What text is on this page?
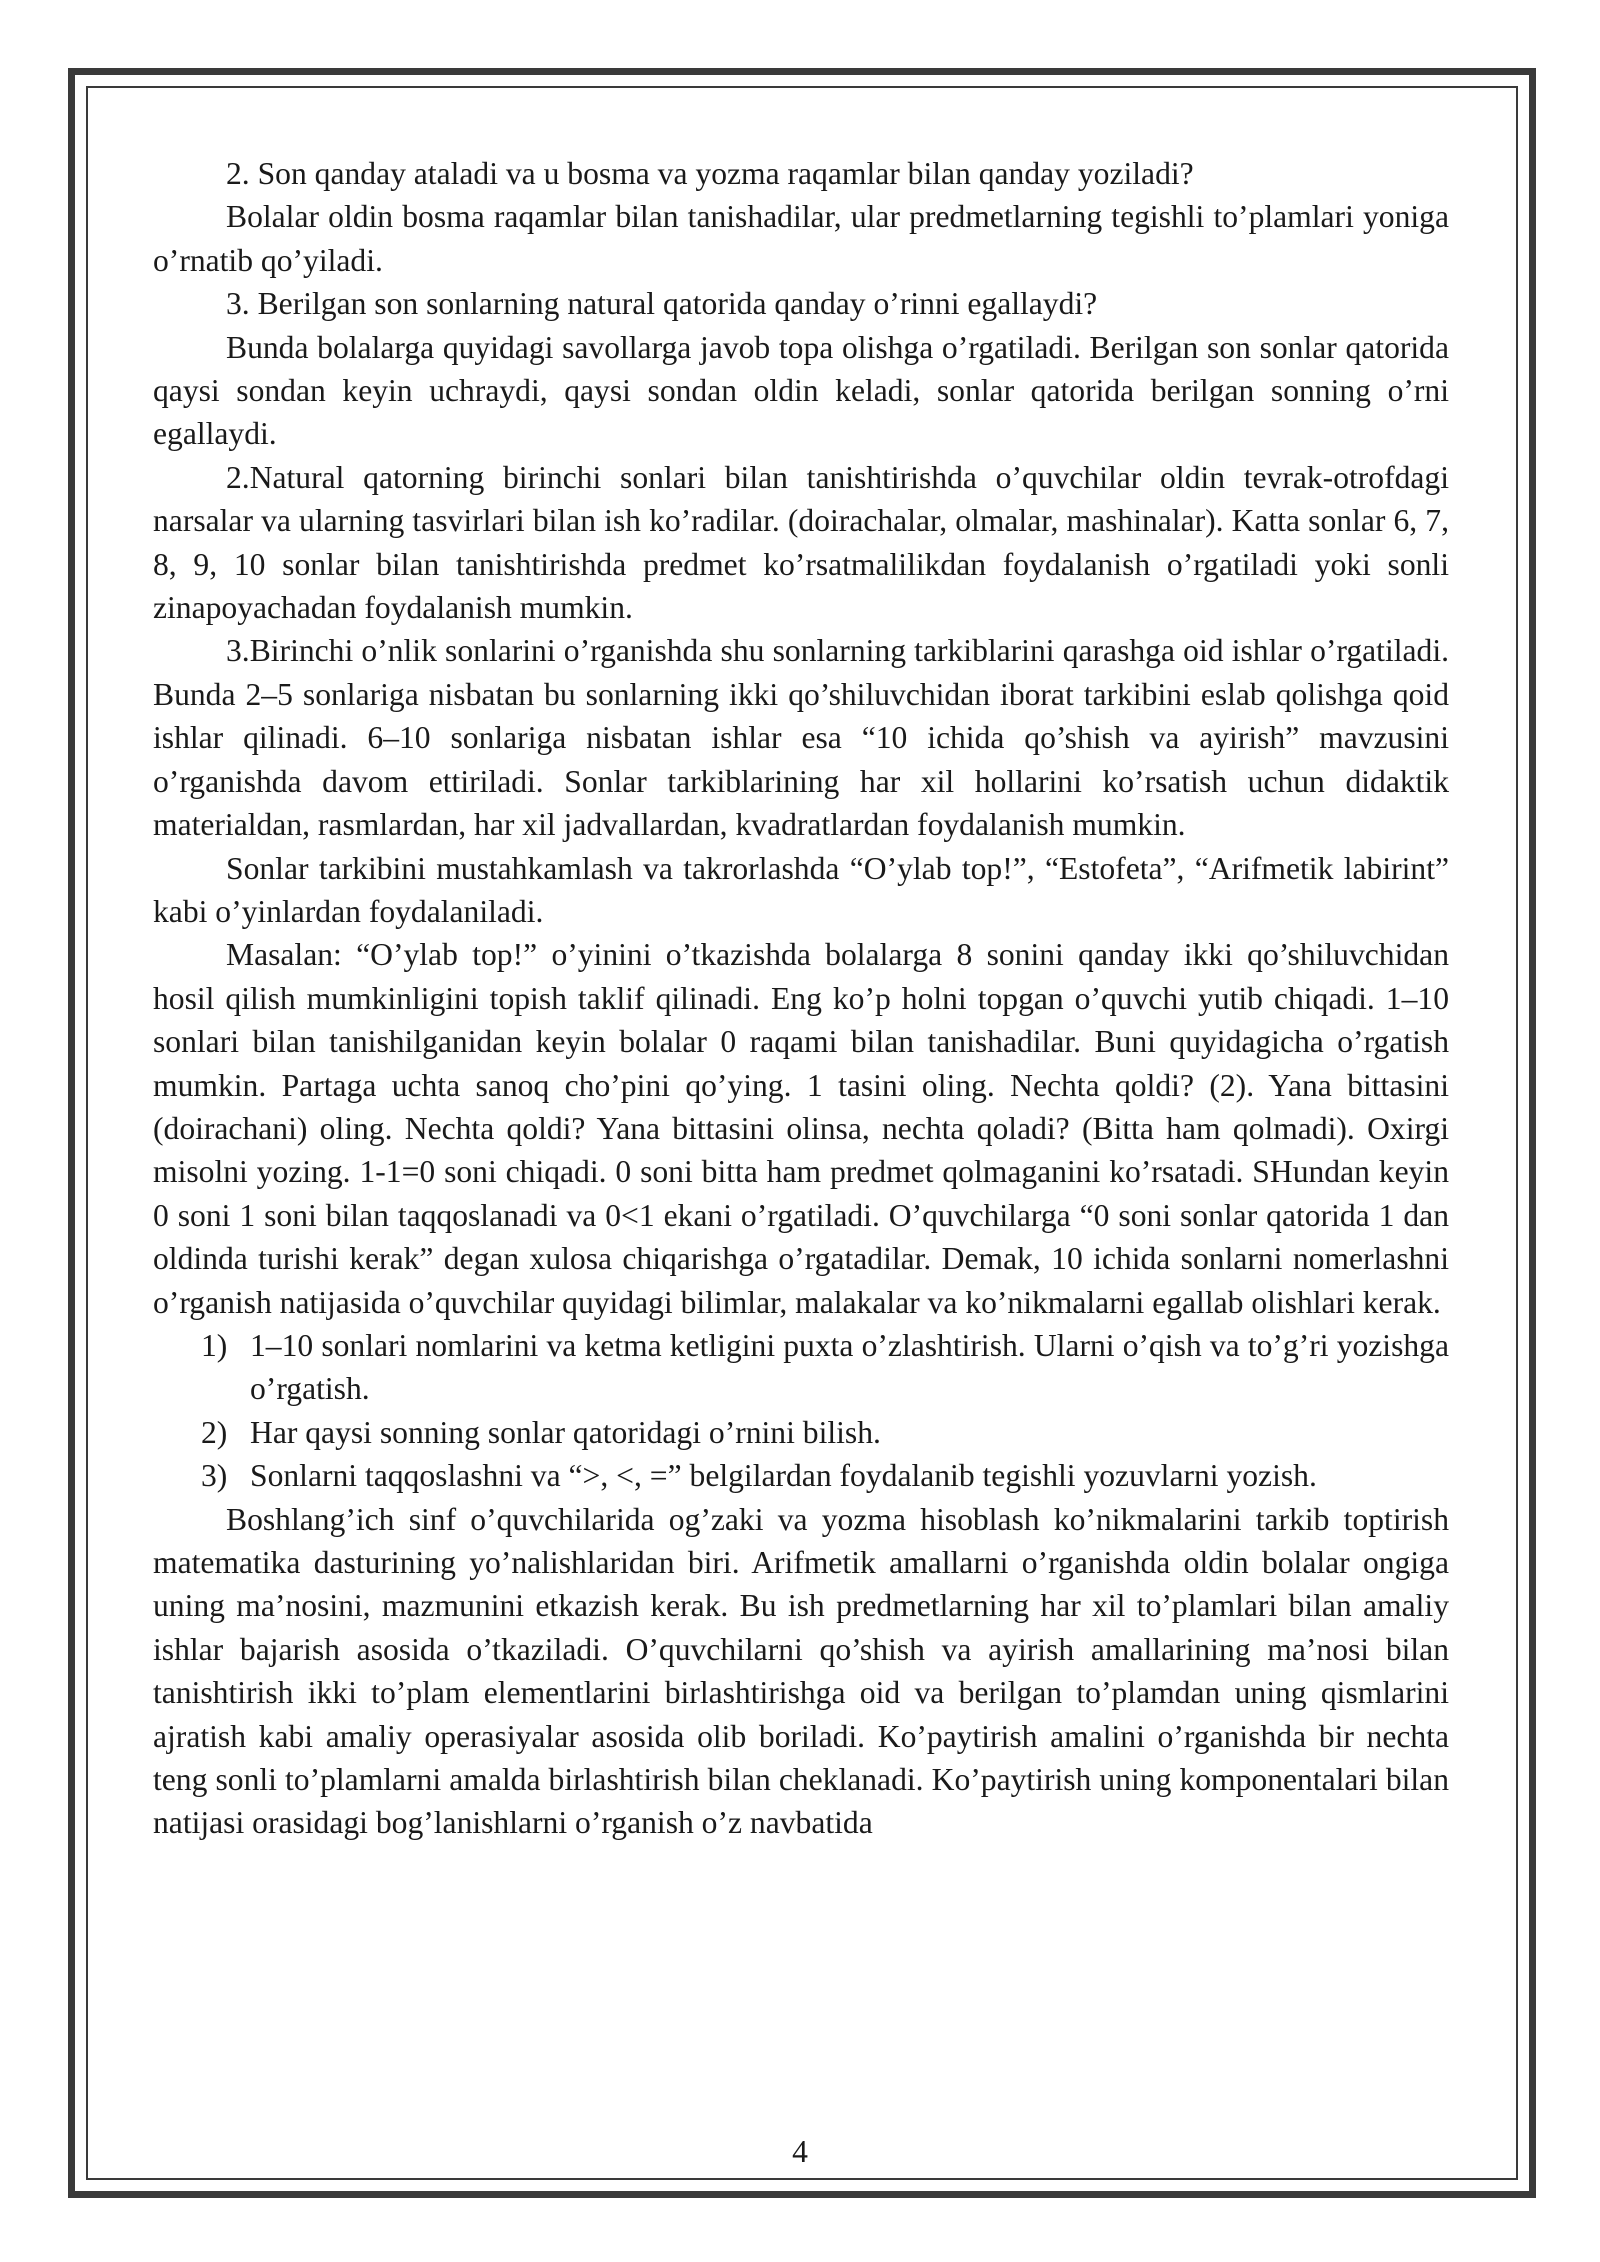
2. Son qanday ataladi va u bosma va yozma raqamlar bilan qanday yoziladi?

Bolalar oldin bosma raqamlar bilan tanishadilar, ular predmetlarning tegishli to’plamlari yoniga o’rnatib qo’yiladi.

3. Berilgan son sonlarning natural qatorida qanday o’rinni egallaydi?

Bunda bolalarga quyidagi savollarga javob topa olishga o’rgatiladi. Berilgan son sonlar qatorida qaysi sondan keyin uchraydi, qaysi sondan oldin keladi, sonlar qatorida berilgan sonning o’rni egallaydi.

2.Natural qatorning birinchi sonlari bilan tanishtirishda o’quvchilar oldin tevrak-otrofdagi narsalar va ularning tasvirlari bilan ish ko’radilar. (doirachalar, olmalar, mashinalar). Katta sonlar 6, 7, 8, 9, 10 sonlar bilan tanishtirishda predmet ko’rsatmalilikdan foydalanish o’rgatiladi yoki sonli zinapoyachadan foydalanish mumkin.

3.Birinchi o’nlik sonlarini o’rganishda shu sonlarning tarkiblarini qarashga oid ishlar o’rgatiladi. Bunda 2–5 sonlariga nisbatan bu sonlarning ikki qo’shiluvchidan iborat tarkibini eslab qolishga qoid ishlar qilinadi. 6–10 sonlariga nisbatan ishlar esa “10 ichida qo’shish va ayirish” mavzusini o’rganishda davom ettiriladi. Sonlar tarkiblarining har xil hollarini ko’rsatish uchun didaktik materialdan, rasmlardan, har xil jadvallardan, kvadratlardan foydalanish mumkin.

Sonlar tarkibini mustahkamlash va takrorlashda “O’ylab top!”, “Estofeta”, “Arifmetik labirint” kabi o’yinlardan foydalaniladi.

Masalan: “O’ylab top!” o’yinini o’tkazishda bolalarga 8 sonini qanday ikki qo’shiluvchidan hosil qilish mumkinligini topish taklif qilinadi. Eng ko’p holni topgan o’quvchi yutib chiqadi. 1–10 sonlari bilan tanishilganidan keyin bolalar 0 raqami bilan tanishadilar. Buni quyidagicha o’rgatish mumkin. Partaga uchta sanoq cho’pini qo’ying. 1 tasini oling. Nechta qoldi? (2). Yana bittasini (doirachani) oling. Nechta qoldi? Yana bittasini olinsa, nechta qoladi? (Bitta ham qolmadi). Oxirgi misolni yozing. 1-1=0 soni chiqadi. 0 soni bitta ham predmet qolmaganini ko’rsatadi. SHundan keyin 0 soni 1 soni bilan taqqoslanadi va 0<1 ekani o’rgatiladi. O’quvchilarga “0 soni sonlar qatorida 1 dan oldinda turishi kerak” degan xulosa chiqarishga o’rgatadilar. Demak, 10 ichida sonlarni nomerlashni o’rganish natijasida o’quvchilar quyidagi bilimlar, malakalar va ko’nikmalarni egallab olishlari kerak.

1) 1–10 sonlari nomlarini va ketma ketligini puxta o’zlashtirish. Ularni o’qish va to’g’ri yozishga o’rgatish.
2) Har qaysi sonning sonlar qatoridagi o’rnini bilish.
3) Sonlarni taqqoslashni va “>, <, =” belgilardan foydalanib tegishli yozuvlarni yozish.

Boshlang’ich sinf o’quvchilarida og’zaki va yozma hisoblash ko’nikmalarini tarkib toptirish matematika dasturining yo’nalishlaridan biri. Arifmetik amallarni o’rganishda oldin bolalar ongiga uning ma’nosini, mazmunini etkazish kerak. Bu ish predmetlarning har xil to’plamlari bilan amaliy ishlar bajarish asosida o’tkaziladi. O’quvchilarni qo’shish va ayirish amallarining ma’nosi bilan tanishtirish ikki to’plam elementlarini birlashtirishga oid va berilgan to’plamdan uning qismlarini ajratish kabi amaliy operasiyalar asosida olib boriladi. Ko’paytirish amalini o’rganishda bir nechta teng sonli to’plamlarni amalda birlashtirish bilan cheklanadi. Ko’paytirish uning komponentalari bilan natijasi orasidagi bog’lanishlarni o’rganish o’z navbatida

4
